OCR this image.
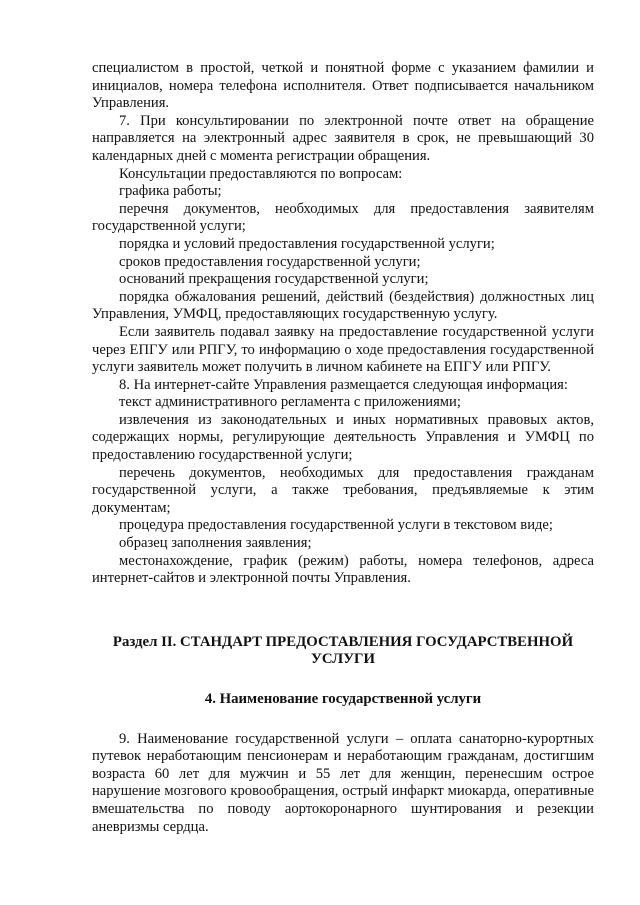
специалистом в простой, четкой и понятной форме с указанием фамилии и инициалов, номера телефона исполнителя. Ответ подписывается начальником Управления.

7. При консультировании по электронной почте ответ на обращение направляется на электронный адрес заявителя в срок, не превышающий 30 календарных дней с момента регистрации обращения.

Консультации предоставляются по вопросам:

графика работы;

перечня документов, необходимых для предоставления заявителям государственной услуги;

порядка и условий предоставления государственной услуги;

сроков предоставления государственной услуги;

оснований прекращения государственной услуги;

порядка обжалования решений, действий (бездействия) должностных лиц Управления, УМФЦ, предоставляющих государственную услугу.

Если заявитель подавал заявку на предоставление государственной услуги через ЕПГУ или РПГУ, то информацию о ходе предоставления государственной услуги заявитель может получить в личном кабинете на ЕПГУ или РПГУ.

8. На интернет-сайте Управления размещается следующая информация:

текст административного регламента с приложениями;

извлечения из законодательных и иных нормативных правовых актов, содержащих нормы, регулирующие деятельность Управления и УМФЦ по предоставлению государственной услуги;

перечень документов, необходимых для предоставления гражданам государственной услуги, а также требования, предъявляемые к этим документам;

процедура предоставления государственной услуги в текстовом виде;

образец заполнения заявления;

местонахождение, график (режим) работы, номера телефонов, адреса интернет-сайтов и электронной почты Управления.

Раздел II. СТАНДАРТ ПРЕДОСТАВЛЕНИЯ ГОСУДАРСТВЕННОЙ УСЛУГИ
4. Наименование государственной услуги

9. Наименование государственной услуги – оплата санаторно-курортных путевок неработающим пенсионерам и неработающим гражданам, достигшим возраста 60 лет для мужчин и 55 лет для женщин, перенесшим острое нарушение мозгового кровообращения, острый инфаркт миокарда, оперативные вмешательства по поводу аортокоронарного шунтирования и резекции аневризмы сердца.
